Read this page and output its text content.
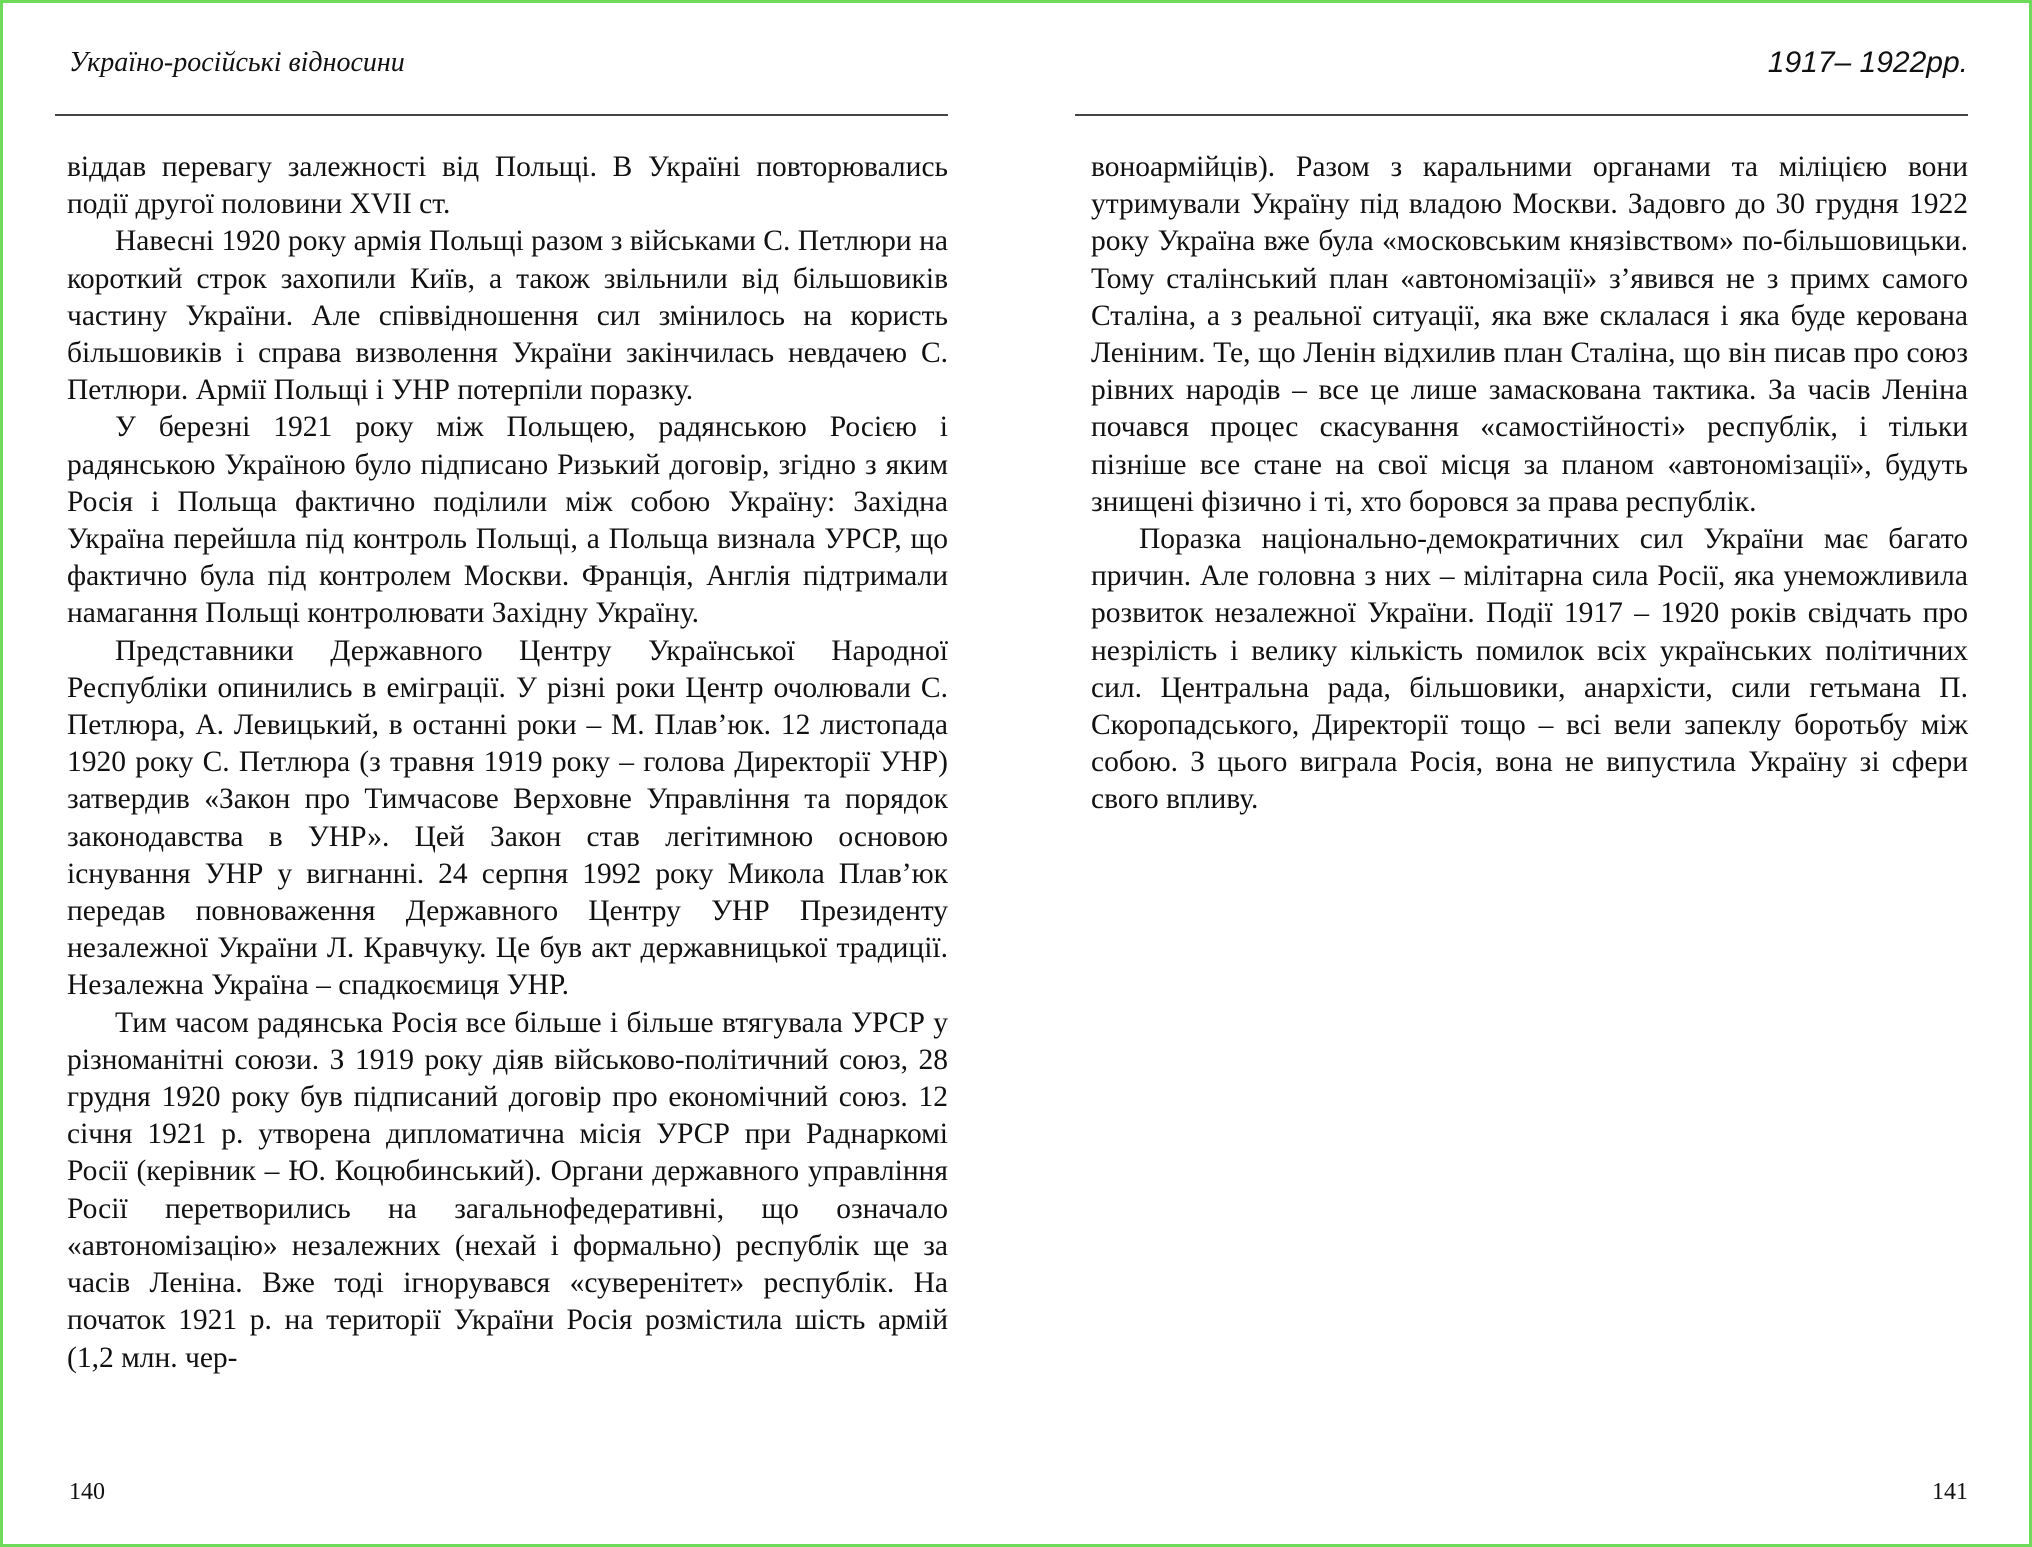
Україно-російські відносини

віддав перевагу залежності від Польщі. В Україні повторювались події другої половини XVII ст.

Навесні 1920 року армія Польщі разом з військами С. Петлюри на короткий строк захопили Київ, а також звільнили від більшовиків частину України. Але співвідношення сил змінилось на користь більшовиків і справа визволення України закінчилась невдачею С. Петлюри. Армії Польщі і УНР потерпіли поразку.

У березні 1921 року між Польщею, радянською Росією і радянською Україною було підписано Ризький договір, згідно з яким Росія і Польща фактично поділили між собою Україну: Західна Україна перейшла під контроль Польщі, а Польща визнала УРСР, що фактично була під контролем Москви. Франція, Англія підтримали намагання Польщі контролювати Західну Україну.

Представники Державного Центру Української Народної Республіки опинились в еміграції. У різні роки Центр очолювали С. Петлюра, А. Левицький, в останні роки – М. Плав’юк. 12 листопада 1920 року С. Петлюра (з травня 1919 року – голова Директорії УНР) затвердив «Закон про Тимчасове Верховне Управління та порядок законодавства в УНР». Цей Закон став легітимною основою існування УНР у вигнанні. 24 серпня 1992 року Микола Плав’юк передав повноваження Державного Центру УНР Президенту незалежної України Л. Кравчуку. Це був акт державницької традиції. Незалежна Україна – спадкоємиця УНР.

Тим часом радянська Росія все більше і більше втягувала УРСР у різноманітні союзи. З 1919 року діяв військово-політичний союз, 28 грудня 1920 року був підписаний договір про економічний союз. 12 січня 1921 р. утворена дипломатична місія УРСР при Раднаркомі Росії (керівник – Ю. Коцюбинський). Органи державного управління Росії перетворились на загальнофедеративні, що означало «автономізацію» незалежних (нехай і формально) республік ще за часів Леніна. Вже тоді ігнорувався «суверенітет» республік. На початок 1921 р. на території України Росія розмістила шість армій (1,2 млн. чер-

140
1917– 1922рр.

воноармійців). Разом з каральними органами та міліцією вони утримували Україну під владою Москви. Задовго до 30 грудня 1922 року Україна вже була «московським князівством» по-більшовицьки. Тому сталінський план «автономізації» з’явився не з примх самого Сталіна, а з реальної ситуації, яка вже склалася і яка буде керована Леніним. Те, що Ленін відхилив план Сталіна, що він писав про союз рівних народів – все це лише замаскована тактика. За часів Леніна почався процес скасування «самостійності» республік, і тільки пізніше все стане на свої місця за планом «автономізації», будуть знищені фізично і ті, хто боровся за права республік.

Поразка національно-демократичних сил України має багато причин. Але головна з них – мілітарна сила Росії, яка унеможливила розвиток незалежної України. Події 1917 – 1920 років свідчать про незрілість і велику кількість помилок всіх українських політичних сил. Центральна рада, більшовики, анархісти, сили гетьмана П. Скоропадського, Директорії тощо – всі вели запеклу боротьбу між собою. З цього виграла Росія, вона не випустила Україну зі сфери свого впливу.

141
